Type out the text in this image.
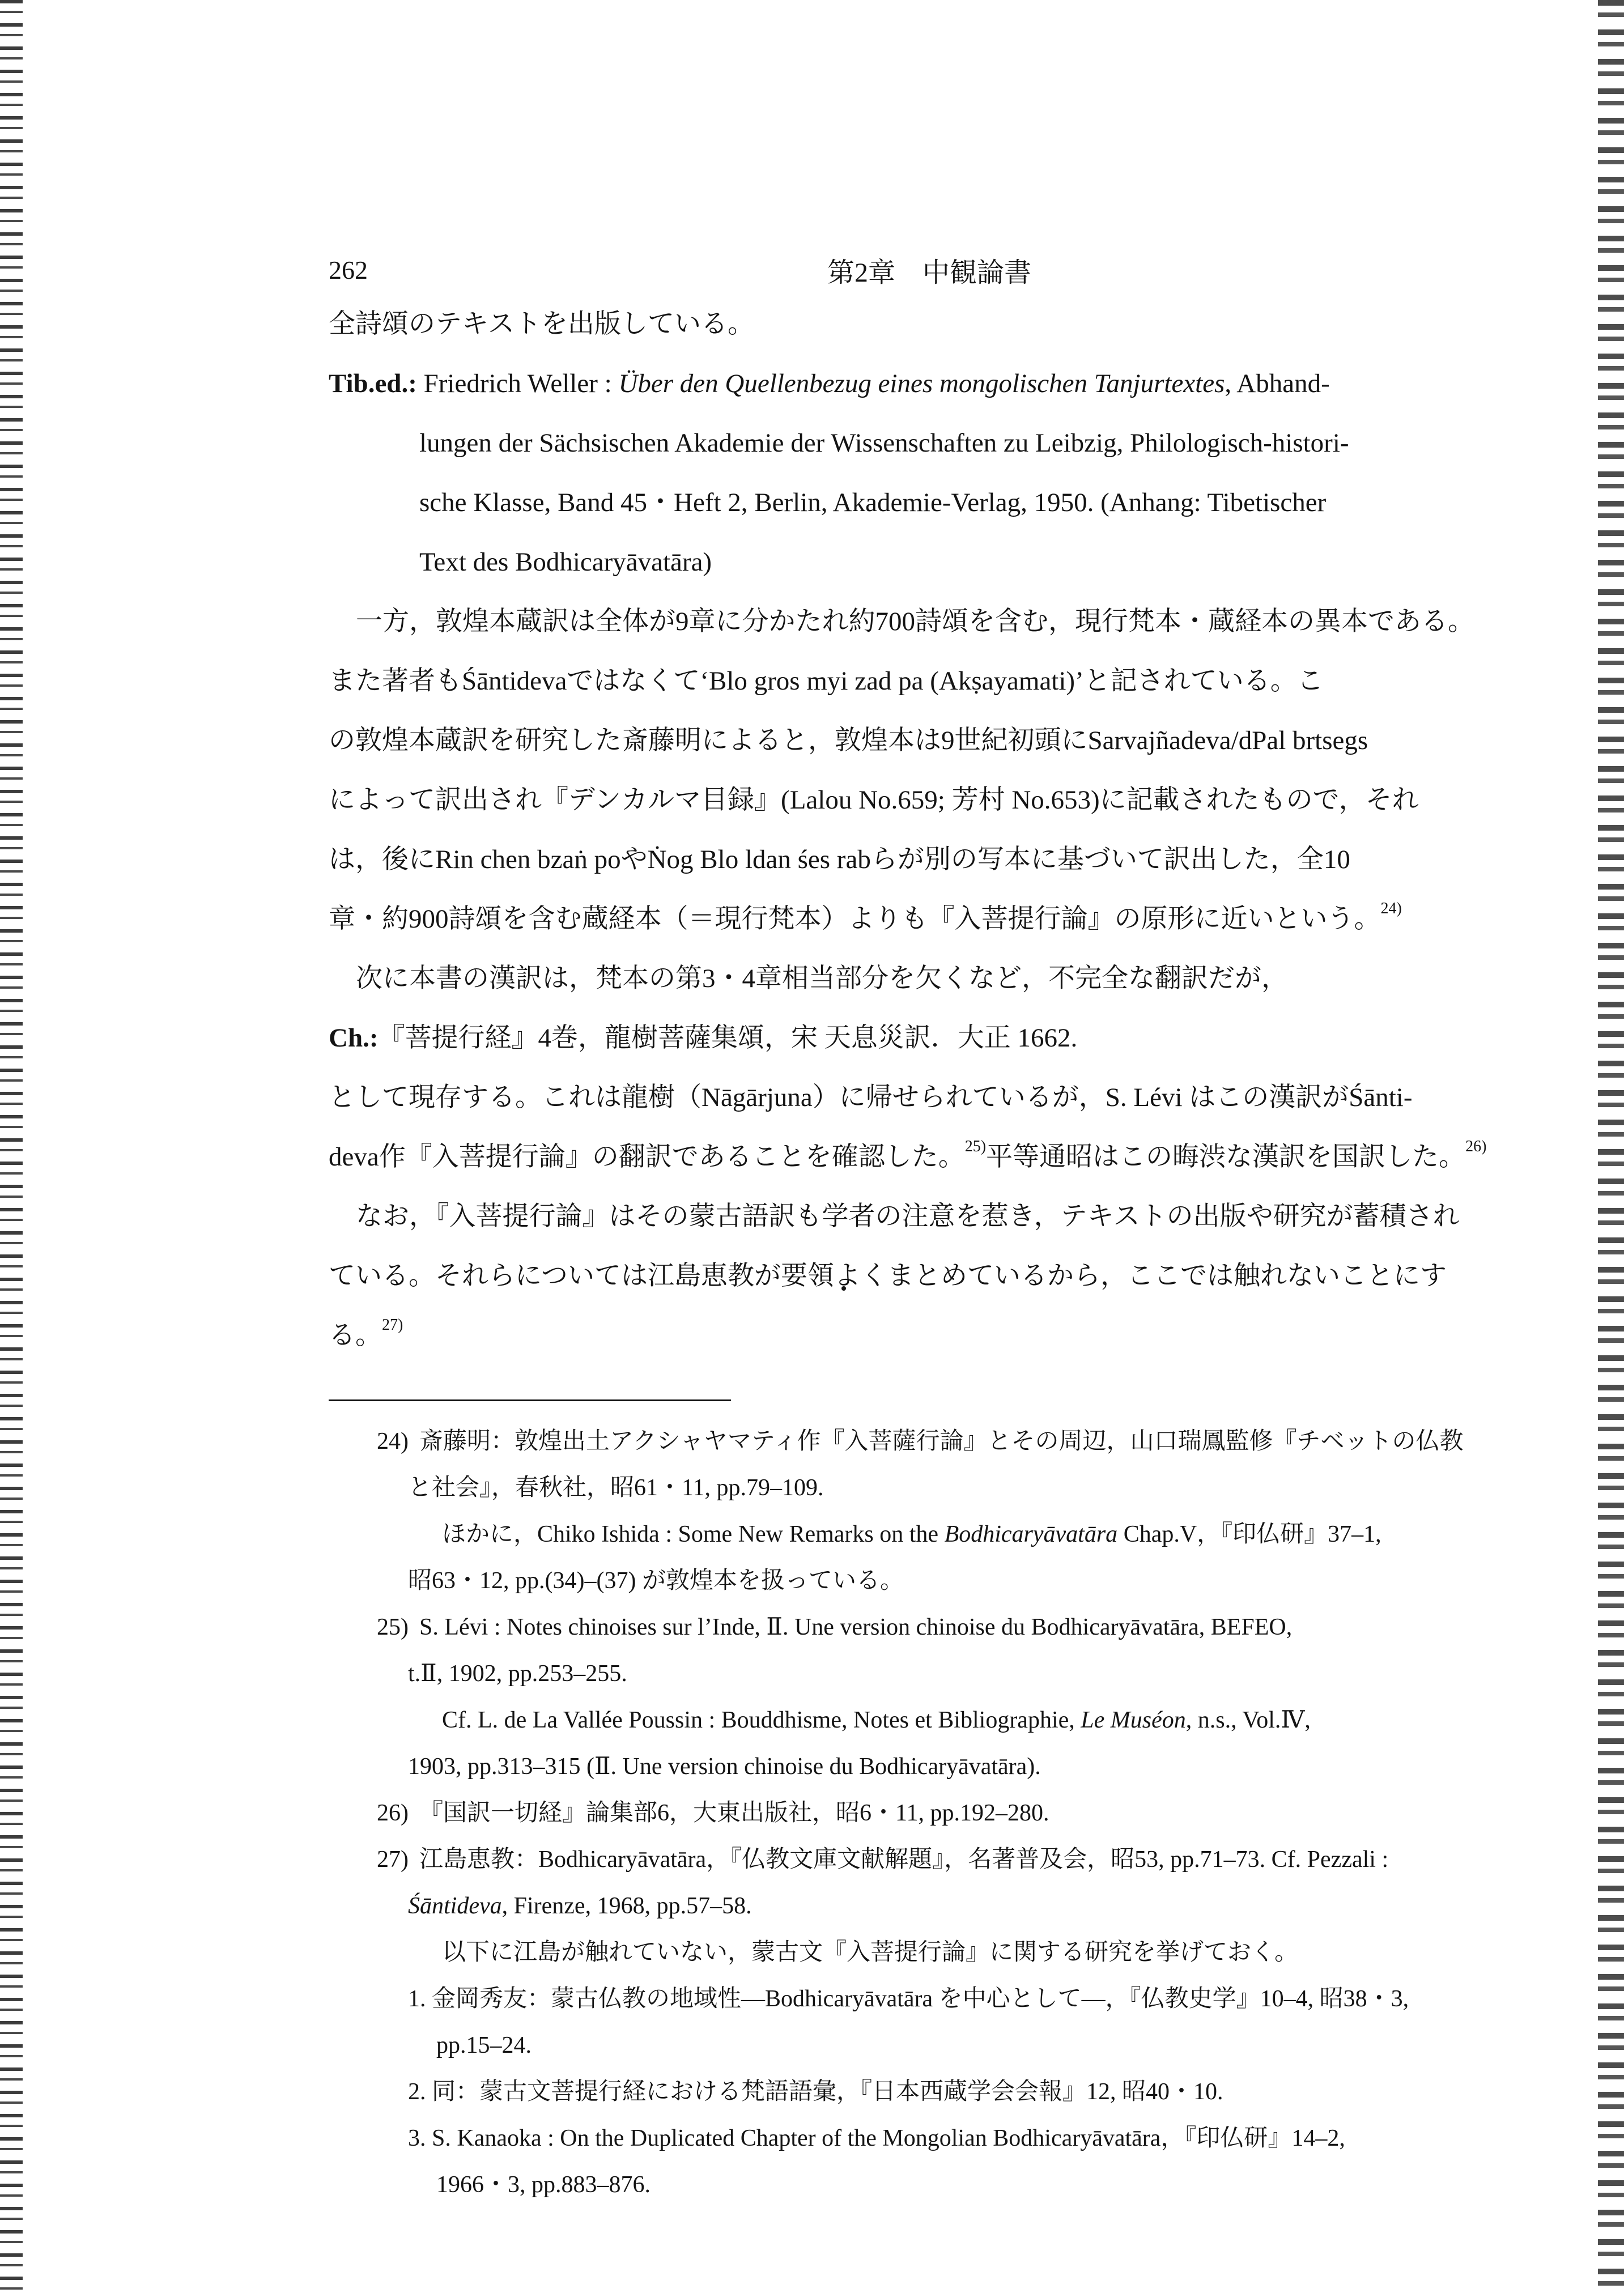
262	第2章　中観論書
全詩頌のテキストを出版している。
Tib.ed.: Friedrich Weller : Über den Quellenbezug eines mongolischen Tanjurtextes, Abhand-
lungen der Sächsischen Akademie der Wissenschaften zu Leibzig, Philologisch-histori-
sche Klasse, Band 45・Heft 2, Berlin, Akademie-Verlag, 1950. (Anhang: Tibetischer
Text des Bodhicaryāvatāra)
一方，敦煌本蔵訳は全体が9章に分かたれ約700詩頌を含む，現行梵本・蔵経本の異本である。
また著者もŚāntidevaではなくて‘Blo gros myi zad pa (Akṣayamati)’と記されている。こ
の敦煌本蔵訳を研究した斎藤明によると，敦煌本は9世紀初頭にSarvajñadeva/dPal brtsegs
によって訳出され『デンカルマ目録』(Lalou No.659; 芳村 No.653)に記載されたもので，それ
は，後にRin chen bzaṅ poやṄog Blo ldan śes rabらが別の写本に基づいて訳出した，全10
章・約900詩頌を含む蔵経本（＝現行梵本）よりも『入菩提行論』の原形に近いという。$^{24)}$
次に本書の漢訳は，梵本の第3・4章相当部分を欠くなど，不完全な翻訳だが，
Ch.:『菩提行経』4巻，龍樹菩薩集頌，宋 天息災訳．大正 1662.
として現存する。これは龍樹（Nāgārjuna）に帰せられているが，S. Lévi はこの漢訳がŚānti-
deva作『入菩提行論』の翻訳であることを確認した。$^{25)}$平等通昭はこの晦渋な漢訳を国訳した。$^{26)}$
なお，『入菩提行論』はその蒙古語訳も学者の注意を惹き，テキストの出版や研究が蓄積され
ている。それらについては江島恵教が要領よくまとめているから，ここでは触れないことにす
る。$^{27)}$
24) 斎藤明：敦煌出土アクシャヤマティ作『入菩薩行論』とその周辺，山口瑞鳳監修『チベットの仏教
と社会』，春秋社，昭61・11, pp.79–109.
ほかに，Chiko Ishida : Some New Remarks on the Bodhicaryāvatāra Chap.V，『印仏研』37–1,
昭63・12, pp.(34)–(37) が敦煌本を扱っている。
25) S. Lévi : Notes chinoises sur l’Inde, Ⅱ. Une version chinoise du Bodhicaryāvatāra, BEFEO,
t.Ⅱ, 1902, pp.253–255.
Cf. L. de La Vallée Poussin : Bouddhisme, Notes et Bibliographie, Le Muséon, n.s., Vol.Ⅳ,
1903, pp.313–315 (Ⅱ. Une version chinoise du Bodhicaryāvatāra).
26) 『国訳一切経』論集部6，大東出版社，昭6・11, pp.192–280.
27) 江島恵教：Bodhicaryāvatāra，『仏教文庫文献解題』，名著普及会，昭53, pp.71–73. Cf. Pezzali :
Śāntideva, Firenze, 1968, pp.57–58.
以下に江島が触れていない，蒙古文『入菩提行論』に関する研究を挙げておく。
1. 金岡秀友：蒙古仏教の地域性—Bodhicaryāvatāra を中心として—，『仏教史学』10–4, 昭38・3,
pp.15–24.
2. 同：蒙古文菩提行経における梵語語彙，『日本西蔵学会会報』12, 昭40・10.
3. S. Kanaoka : On the Duplicated Chapter of the Mongolian Bodhicaryāvatāra，『印仏研』14–2,
1966・3, pp.883–876.
